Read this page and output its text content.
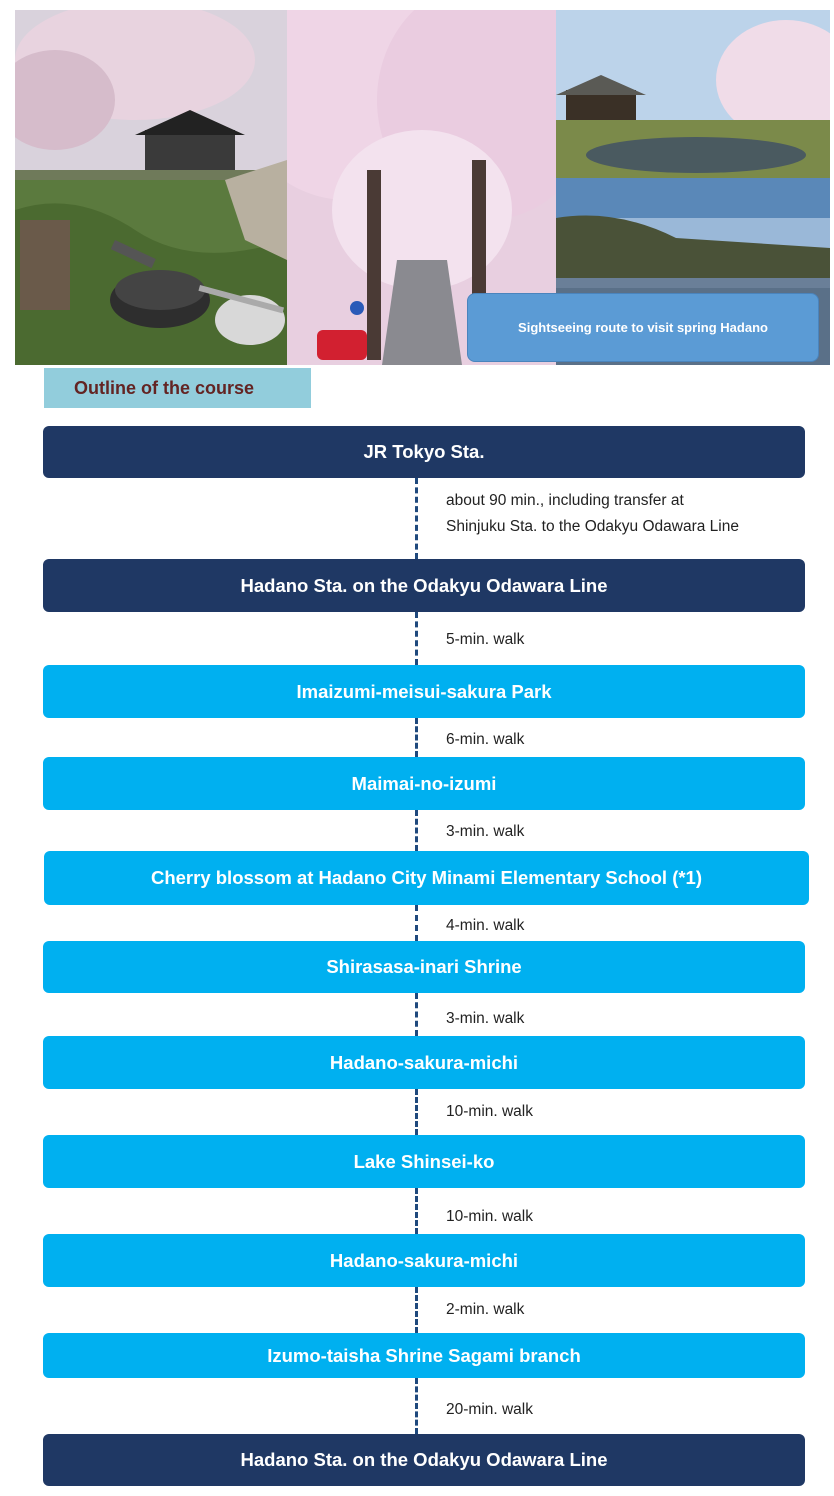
Sightseeing route to visit spring Hadano
Outline of the course
JR Tokyo Sta.
Hadano Sta. on the Odakyu Odawara Line
Imaizumi-meisui-sakura Park
Maimai-no-izumi
Cherry blossom at Hadano City Minami Elementary School (*1)
Shirasasa-inari Shrine
Hadano-sakura-michi
Lake Shinsei-ko
Hadano-sakura-michi
Izumo-taisha Shrine Sagami branch
Hadano Sta. on the Odakyu Odawara Line
about 90 min., including transfer at
Shinjuku Sta. to the Odakyu Odawara Line
5-min. walk
6-min. walk
3-min. walk
4-min. walk
3-min. walk
10-min. walk
10-min. walk
2-min. walk
20-min. walk
